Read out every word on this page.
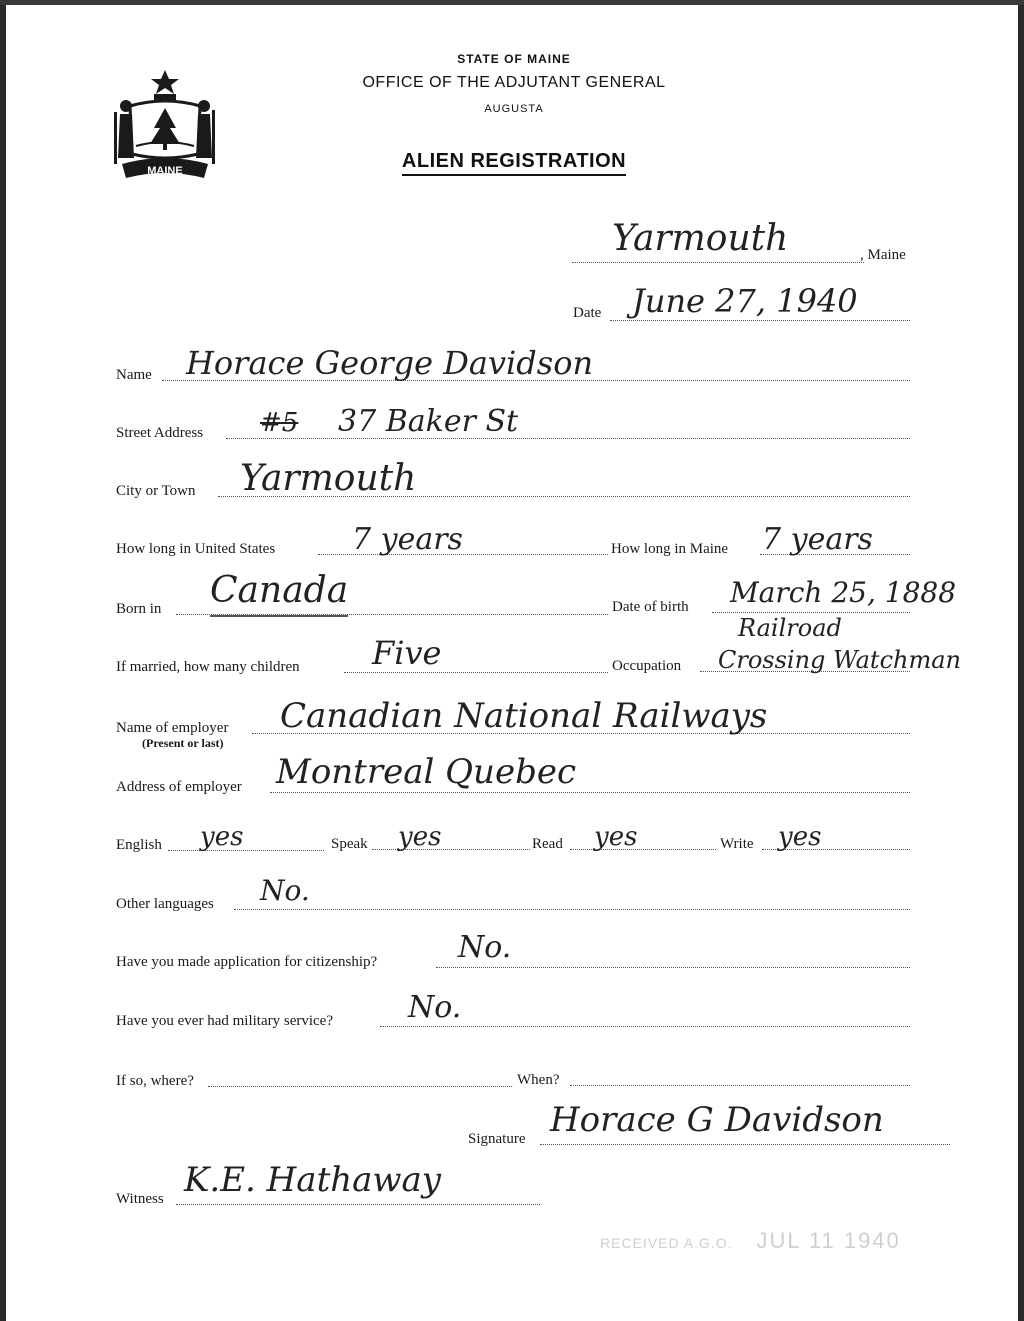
MAINE
STATE OF MAINE
OFFICE OF THE ADJUTANT GENERAL
AUGUSTA
ALIEN REGISTRATION
Yarmouth	, Maine
Date June 27, 1940
Name Horace George Davidson
Street Address #5 37 Baker St
City or Town Yarmouth
How long in United States	7 years	How long in Maine 7 years
Born in Canada	Date of birth March 25, 1888
If married, how many children Five	Occupation
Railroad
Crossing Watchman
Name of employer
(Present or last)
Canadian National Railways
Address of employer Montreal Quebec
English yes	Speak yes	Read yes	Write yes
Other languages No.
Have you made application for citizenship?	No.
Have you ever had military service?	No.
If so, where?	When?
Signature Horace G Davidson
Witness K.E. Hathaway
RECEIVED A.G.O. JUL 11 1940
